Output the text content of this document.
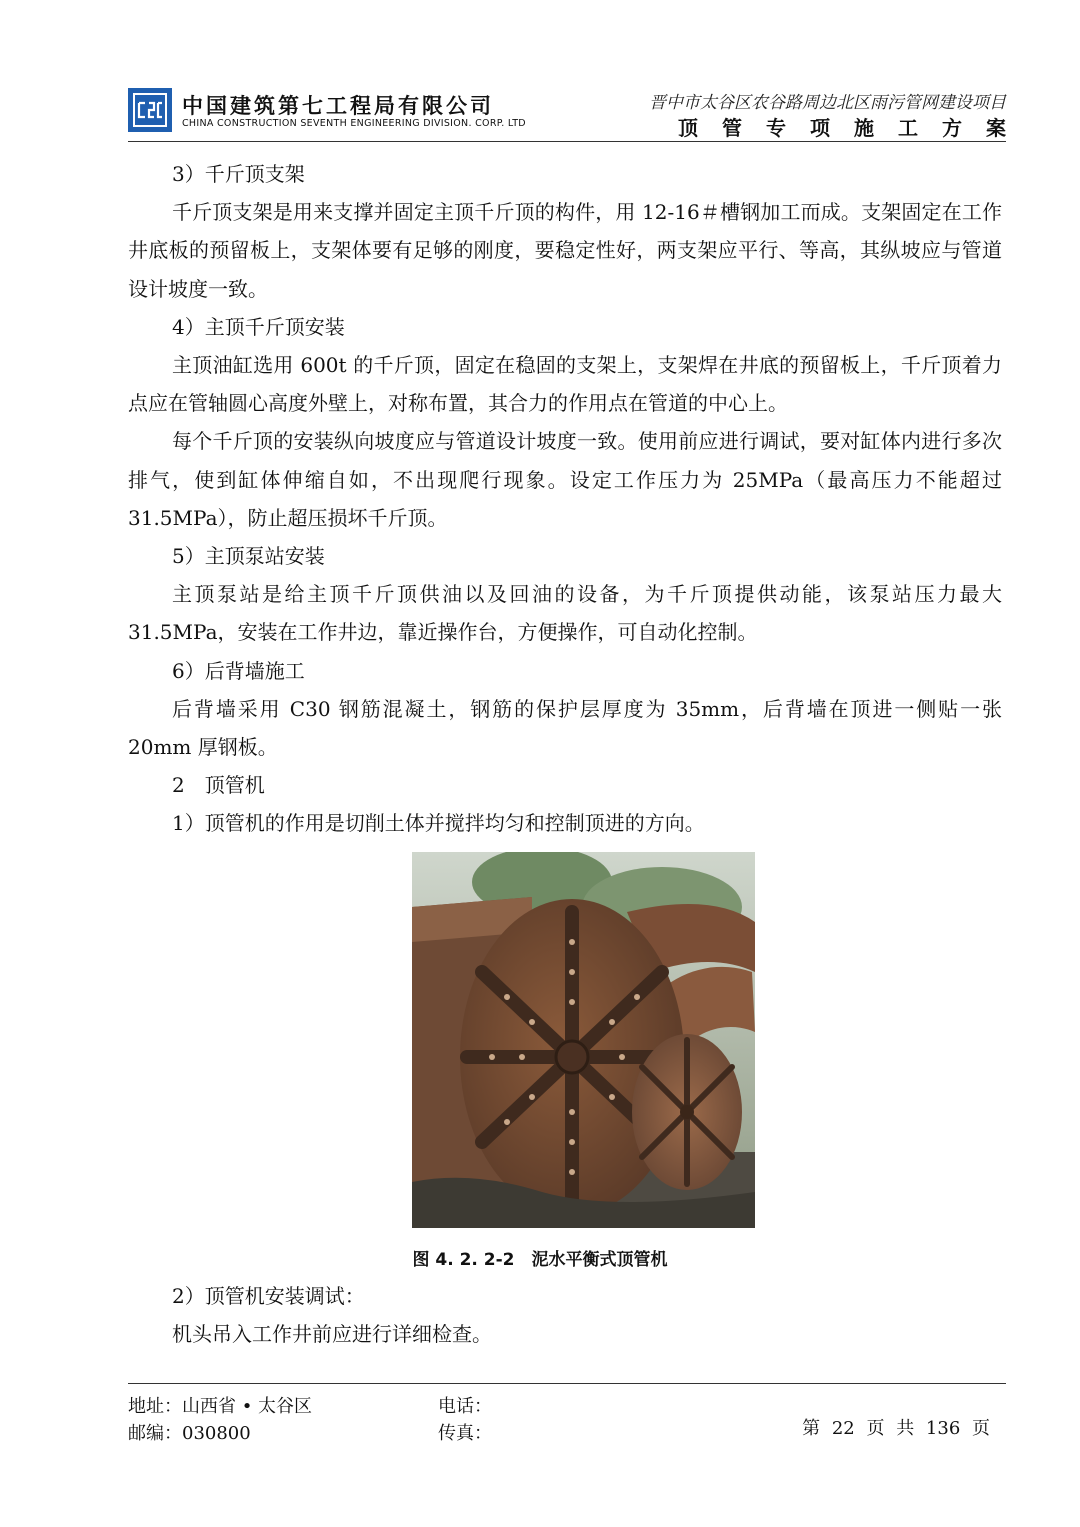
中国建筑第七工程局有限公司
CHINA CONSTRUCTION SEVENTH ENGINEERING DIVISION. CORP. LTD
晋中市太谷区农谷路周边北区雨污管网建设项目
顶管专项施工方案

3）千斤顶支架

千斤顶支架是用来支撑并固定主顶千斤顶的构件，用 12-16＃槽钢加工而成。支架固定在工作井底板的预留板上，支架体要有足够的刚度，要稳定性好，两支架应平行、等高，其纵坡应与管道设计坡度一致。

4）主顶千斤顶安装

主顶油缸选用 600t 的千斤顶，固定在稳固的支架上，支架焊在井底的预留板上，千斤顶着力点应在管轴圆心高度外壁上，对称布置，其合力的作用点在管道的中心上。

每个千斤顶的安装纵向坡度应与管道设计坡度一致。使用前应进行调试，要对缸体内进行多次排气，使到缸体伸缩自如，不出现爬行现象。设定工作压力为 25MPa（最高压力不能超过 31.5MPa），防止超压损坏千斤顶。

5）主顶泵站安装

主顶泵站是给主顶千斤顶供油以及回油的设备，为千斤顶提供动能，该泵站压力最大 31.5MPa，安装在工作井边，靠近操作台，方便操作，可自动化控制。

6）后背墙施工

后背墙采用 C30 钢筋混凝土，钢筋的保护层厚度为 35mm，后背墙在顶进一侧贴一张 20mm 厚钢板。

2　顶管机

1）顶管机的作用是切削土体并搅拌均匀和控制顶进的方向。

图 4. 2. 2-2　泥水平衡式顶管机

2）顶管机安装调试：

机头吊入工作井前应进行详细检查。

地址：山西省 • 太谷区
邮编：030800
电话：
传真：	第 22 页 共 136 页
